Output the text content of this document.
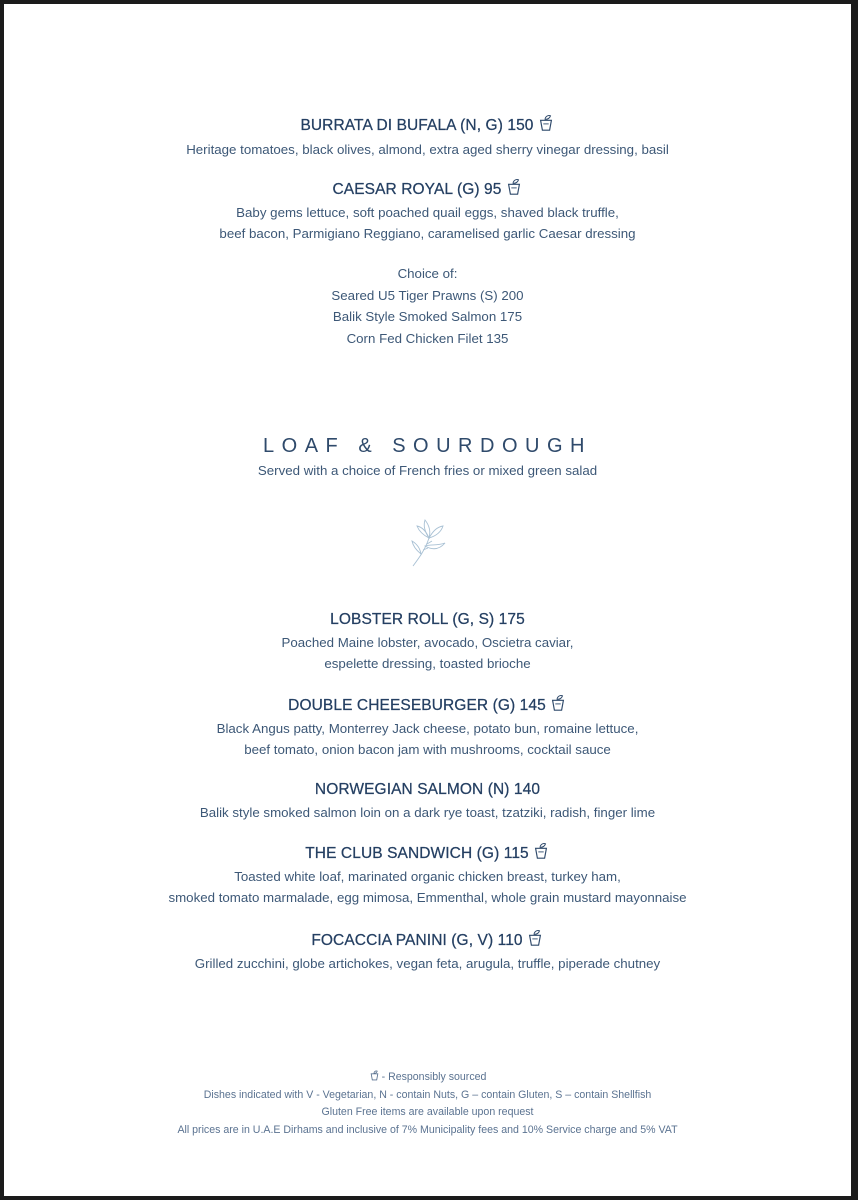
BURRATA DI BUFALA (N, G) 150
Heritage tomatoes, black olives, almond, extra aged sherry vinegar dressing, basil
CAESAR ROYAL (G) 95
Baby gems lettuce, soft poached quail eggs, shaved black truffle,
beef bacon, Parmigiano Reggiano, caramelised garlic Caesar dressing
Choice of:
Seared U5 Tiger Prawns (S) 200
Balik Style Smoked Salmon 175
Corn Fed Chicken Filet 135
LOAF & SOURDOUGH
Served with a choice of French fries or mixed green salad
LOBSTER ROLL (G, S) 175
Poached Maine lobster, avocado, Oscietra caviar,
espelette dressing, toasted brioche
DOUBLE CHEESEBURGER (G) 145
Black Angus patty, Monterrey Jack cheese, potato bun, romaine lettuce,
beef tomato, onion bacon jam with mushrooms, cocktail sauce
NORWEGIAN SALMON (N) 140
Balik style smoked salmon loin on a dark rye toast, tzatziki, radish, finger lime
THE CLUB SANDWICH (G) 115
Toasted white loaf, marinated organic chicken breast, turkey ham,
smoked tomato marmalade, egg mimosa, Emmenthal, whole grain mustard mayonnaise
FOCACCIA PANINI (G, V) 110
Grilled zucchini, globe artichokes, vegan feta, arugula, truffle, piperade chutney
- Responsibly sourced
Dishes indicated with V - Vegetarian, N - contain Nuts, G – contain Gluten, S – contain Shellfish
Gluten Free items are available upon request
All prices are in U.A.E Dirhams and inclusive of 7% Municipality fees and 10% Service charge and 5% VAT
